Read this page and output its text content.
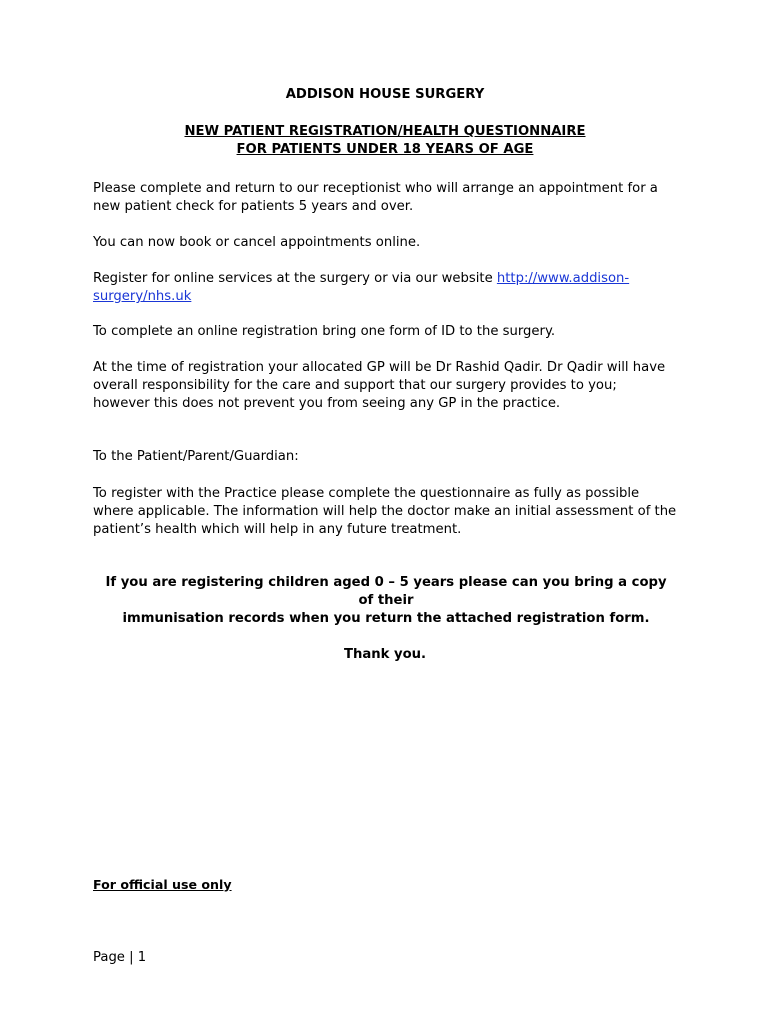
ADDISON HOUSE SURGERY

NEW PATIENT REGISTRATION/HEALTH QUESTIONNAIRE
FOR PATIENTS UNDER 18 YEARS OF AGE

Please complete and return to our receptionist who will arrange an appointment for a new patient check for patients 5 years and over.

You can now book or cancel appointments online.

Register for online services at the surgery or via our website http://www.addison-surgery/nhs.uk

To complete an online registration bring one form of ID to the surgery.

At the time of registration your allocated GP will be Dr Rashid Qadir. Dr Qadir will have overall responsibility for the care and support that our surgery provides to you; however this does not prevent you from seeing any GP in the practice.

To the Patient/Parent/Guardian:

To register with the Practice please complete the questionnaire as fully as possible where applicable. The information will help the doctor make an initial assessment of the patient’s health which will help in any future treatment.

If you are registering children aged 0 – 5 years please can you bring a copy of their
immunisation records when you return the attached registration form.

Thank you.

For official use only

Page | 1
